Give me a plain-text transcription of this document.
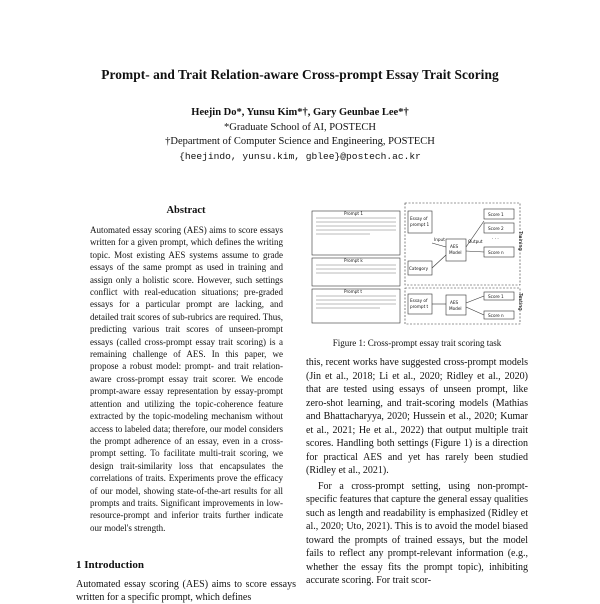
Prompt- and Trait Relation-aware Cross-prompt Essay Trait Scoring
Heejin Do*, Yunsu Kim*†, Gary Geunbae Lee*†
*Graduate School of AI, POSTECH
†Department of Computer Science and Engineering, POSTECH
{heejindo, yunsu.kim, gblee}@postech.ac.kr
Abstract
Automated essay scoring (AES) aims to score essays written for a given prompt, which defines the writing topic. Most existing AES systems assume to grade essays of the same prompt as used in training and assign only a holistic score. However, such settings conflict with real-education situations; pre-graded essays for a particular prompt are lacking, and detailed trait scores of sub-rubrics are required. Thus, predicting various trait scores of unseen-prompt essays (called cross-prompt essay trait scoring) is a remaining challenge of AES. In this paper, we propose a robust model: prompt- and trait relation-aware cross-prompt essay trait scorer. We encode prompt-aware essay representation by essay-prompt attention and utilizing the topic-coherence feature extracted by the topic-modeling mechanism without access to labeled data; therefore, our model considers the prompt adherence of an essay, even in a cross-prompt setting. To facilitate multi-trait scoring, we design trait-similarity loss that encapsulates the correlations of traits. Experiments prove the efficacy of our model, showing state-of-the-art results for all prompts and traits. Significant improvements in low-resource-prompt and inferior traits further indicate our model's strength.
1 Introduction
Automated essay scoring (AES) aims to score essays written for a specific prompt, which defines
Prompt 1
Prompt k
Prompt t
Essay of
prompt 1
Category
Essay of
prompt t
AES
Model
AES
Model
Input	Output
Score 1
Score 2
· · ·
Score n
Score 1
Score n
Training
Testing
Figure 1: Cross-prompt essay trait scoring task

this, recent works have suggested cross-prompt models (Jin et al., 2018; Li et al., 2020; Ridley et al., 2020) that are tested using essays of unseen prompt, like zero-shot learning, and trait-scoring models (Mathias and Bhattacharyya, 2020; Hussein et al., 2020; Kumar et al., 2021; He et al., 2022) that output multiple trait scores. Handling both settings (Figure 1) is a direction for practical AES and yet has rarely been studied (Ridley et al., 2021).

For a cross-prompt setting, using non-prompt-specific features that capture the general essay qualities such as length and readability is emphasized (Ridley et al., 2020; Uto, 2021). This is to avoid the model biased toward the prompts of trained essays, but the model fails to reflect any prompt-relevant information (e.g., whether the essay fits the prompt topic), inhibiting accurate scoring. For trait scor-
